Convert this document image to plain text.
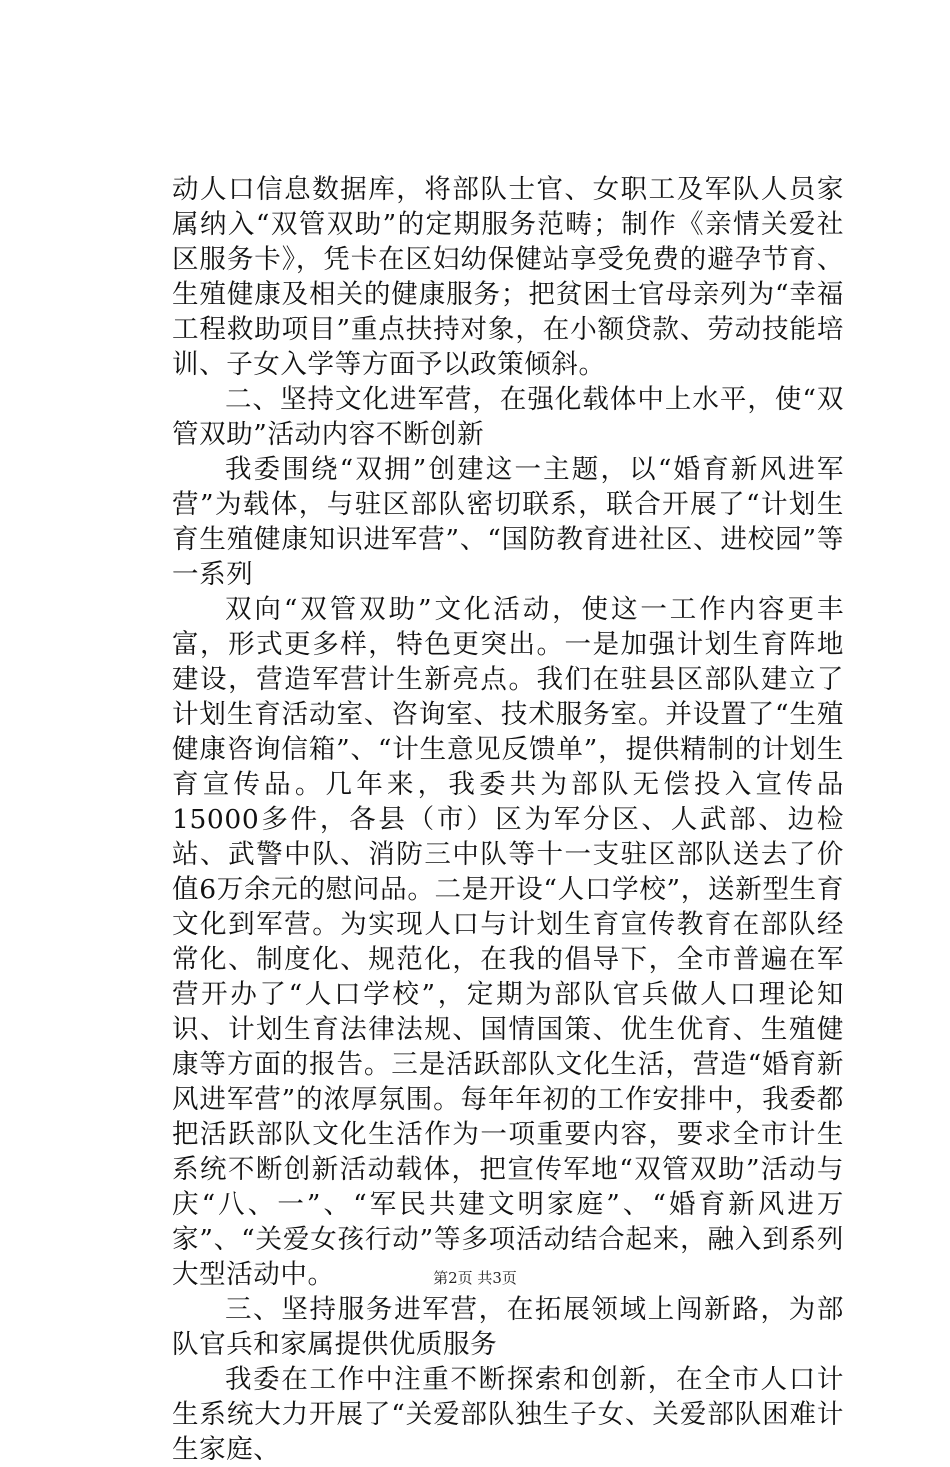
动人口信息数据库，将部队士官、女职工及军队人员家属纳入“双管双助”的定期服务范畴；制作《亲情关爱社区服务卡》，凭卡在区妇幼保健站享受免费的避孕节育、生殖健康及相关的健康服务；把贫困士官母亲列为“幸福工程救助项目”重点扶持对象，在小额贷款、劳动技能培训、子女入学等方面予以政策倾斜。

二、坚持文化进军营，在强化载体中上水平，使“双管双助”活动内容不断创新

我委围绕“双拥”创建这一主题，以“婚育新风进军营”为载体，与驻区部队密切联系，联合开展了“计划生育生殖健康知识进军营”、“国防教育进社区、进校园”等一系列

双向“双管双助”文化活动，使这一工作内容更丰富，形式更多样，特色更突出。一是加强计划生育阵地建设，营造军营计生新亮点。我们在驻县区部队建立了计划生育活动室、咨询室、技术服务室。并设置了“生殖健康咨询信箱”、“计生意见反馈单”，提供精制的计划生育宣传品。几年来，我委共为部队无偿投入宣传品15000多件，各县（市）区为军分区、人武部、边检站、武警中队、消防三中队等十一支驻区部队送去了价值6万余元的慰问品。二是开设“人口学校”，送新型生育文化到军营。为实现人口与计划生育宣传教育在部队经常化、制度化、规范化，在我的倡导下，全市普遍在军营开办了“人口学校”，定期为部队官兵做人口理论知识、计划生育法律法规、国情国策、优生优育、生殖健康等方面的报告。三是活跃部队文化生活，营造“婚育新风进军营”的浓厚氛围。每年年初的工作安排中，我委都把活跃部队文化生活作为一项重要内容，要求全市计生系统不断创新活动载体，把宣传军地“双管双助”活动与庆“八、一”、“军民共建文明家庭”、“婚育新风进万家”、“关爱女孩行动”等多项活动结合起来，融入到系列大型活动中。

三、坚持服务进军营，在拓展领域上闯新路，为部队官兵和家属提供优质服务

我委在工作中注重不断探索和创新，在全市人口计生系统大力开展了“关爱部队独生子女、关爱部队困难计生家庭、

第2页 共3页
